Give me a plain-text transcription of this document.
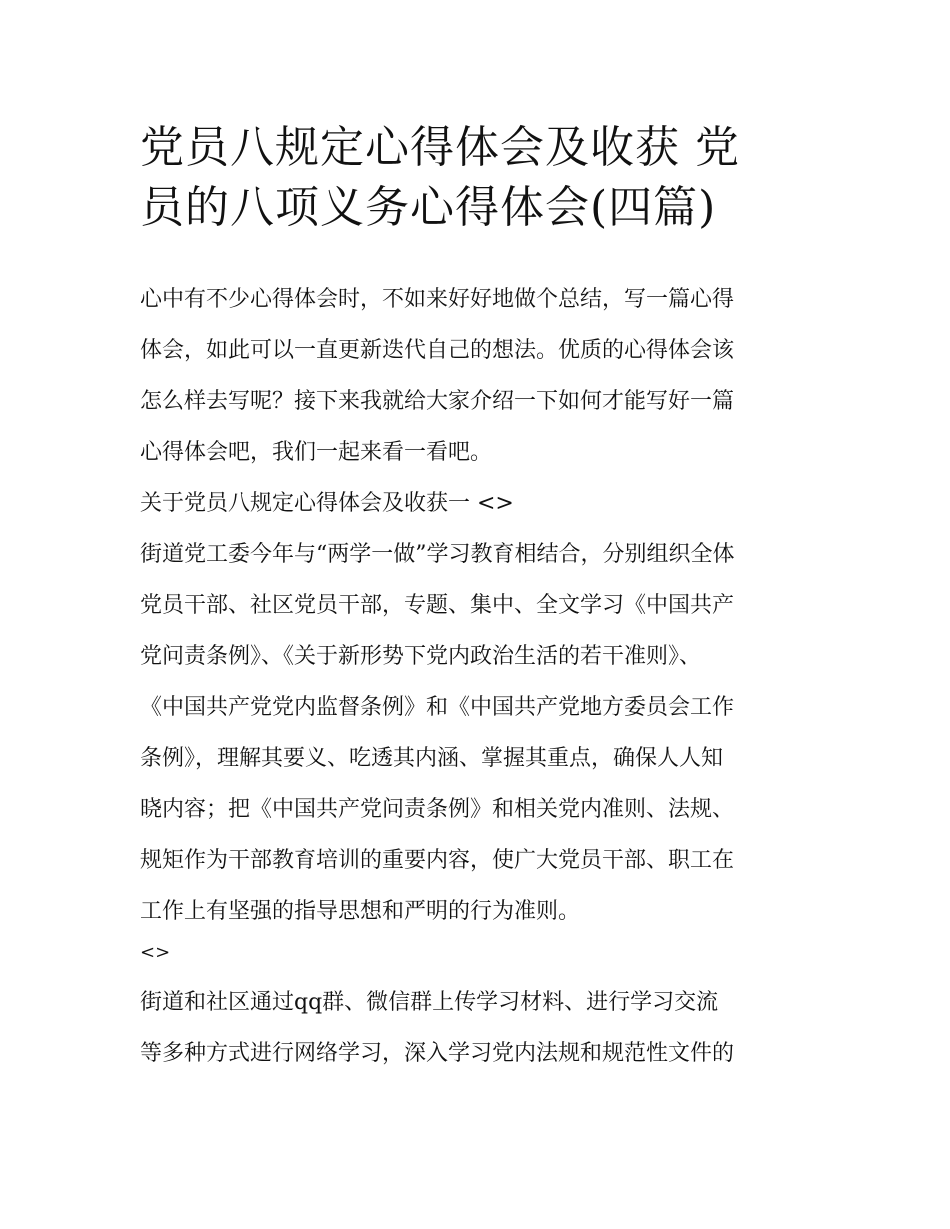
党员八规定心得体会及收获 党
员的八项义务心得体会(四篇)
心中有不少心得体会时，不如来好好地做个总结，写一篇心得
体会，如此可以一直更新迭代自己的想法。优质的心得体会该
怎么样去写呢？接下来我就给大家介绍一下如何才能写好一篇
心得体会吧，我们一起来看一看吧。
关于党员八规定心得体会及收获一 <>
街道党工委今年与“两学一做”学习教育相结合，分别组织全体
党员干部、社区党员干部，专题、集中、全文学习《中国共产
党问责条例》、《关于新形势下党内政治生活的若干准则》、
《中国共产党党内监督条例》和《中国共产党地方委员会工作
条例》，理解其要义、吃透其内涵、掌握其重点，确保人人知
晓内容；把《中国共产党问责条例》和相关党内准则、法规、
规矩作为干部教育培训的重要内容，使广大党员干部、职工在
工作上有坚强的指导思想和严明的行为准则。
<>
街道和社区通过qq群、微信群上传学习材料、进行学习交流
等多种方式进行网络学习，深入学习党内法规和规范性文件的
